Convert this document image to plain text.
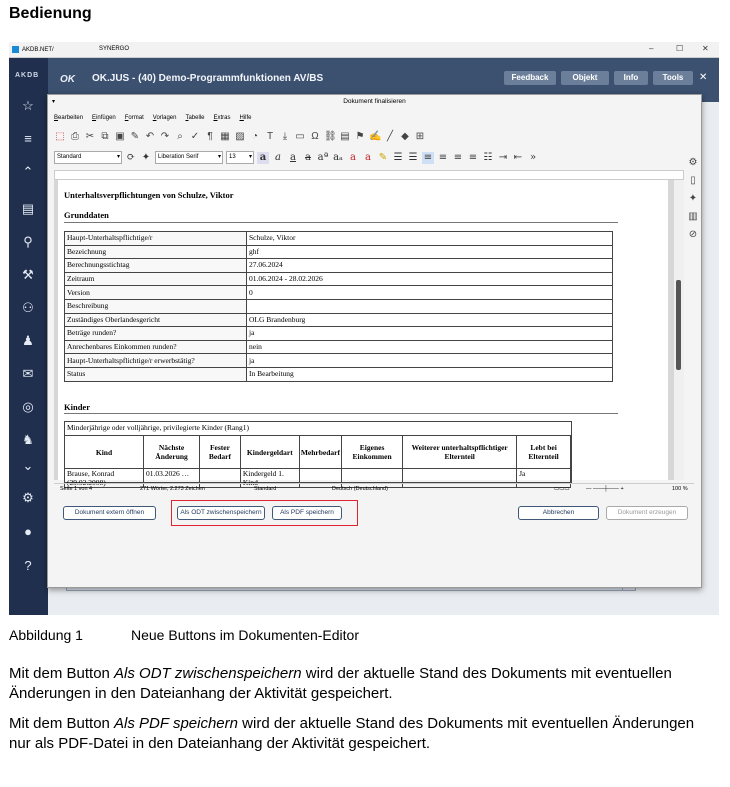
Bedienung
AKDB.NET/	SYNERGO	–	☐ ✕
AKDB
☆
≡
⌃
▤
⚲
⚒
⚇
♟
✉
◎
♞
⌄
⚙
●
?
OK OK.JUS - (40) Demo-Programmfunktionen AV/BS	Feedback	Objekt	Info	Tools	✕
▾	Dokument finalisieren
Bearbeiten Einfügen Format Vorlagen Tabelle Extras Hilfe
⬚ ⎙ ✂ ⧉ ▣ ✎ ↶ ↷ ⌕ ✓ ¶ ▦ ▨ ◔ T ⤓ ▭ Ω ⛓ ▤ ⚑ ✍ ╱ ◆ ⊞
Standard ▾	⟳ ✦	Liberation Serif ▾	13 ▾	a a a a aª aₐ a a ✎ ☰ ☰ ≡ ≡ ≡ ≡ ☷ ⇥ ⇤ »
Unterhaltsverpflichtungen von Schulze, Viktor
Grunddaten
Haupt-Unterhaltspflichtige/r	Schulze, Viktor
Bezeichnung	ghf
Berechnungsstichtag	27.06.2024
Zeitraum	01.06.2024 - 28.02.2026
Version	0
Beschreibung	
Zuständiges Oberlandesgericht	OLG Brandenburg
Beträge runden?	ja
Anrechenbares Einkommen runden?	nein
Haupt-Unterhaltspflichtige/r erwerbstätig?	ja
Status	In Bearbeitung
Kinder
Minderjährige oder volljährige, privilegierte Kinder (Rang1)
Kind	Nächste Änderung	Fester Bedarf	Kindergeldart	Mehrbedarf	Eigenes Einkommen	Weiterer unterhaltspflichtiger Elternteil	Lebt bei Elternteil
Brause, Konrad (29.02.2008)	01.03.2026 …		Kindergeld 1. Kind				Ja
⚙
▯
✦
▥
⊘
Seite 1 von 4	271 Wörter, 2.273 Zeichen	Standard	Deutsch (Deutschland)	▭▭▭	— ——┼—— +	100 %
Dokument extern öffnen	Als ODT zwischenspeichern	Als PDF speichern	Abbrechen	Dokument erzeugen
Abbildung 1	Neue Buttons im Dokumenten-Editor
Mit dem Button Als ODT zwischenspeichern wird der aktuelle Stand des Dokuments mit eventuellen Änderungen in den Dateianhang der Aktivität gespeichert.
Mit dem Button Als PDF speichern wird der aktuelle Stand des Dokuments mit eventuellen Änderungen nur als PDF-Datei in den Dateianhang der Aktivität gespeichert.
